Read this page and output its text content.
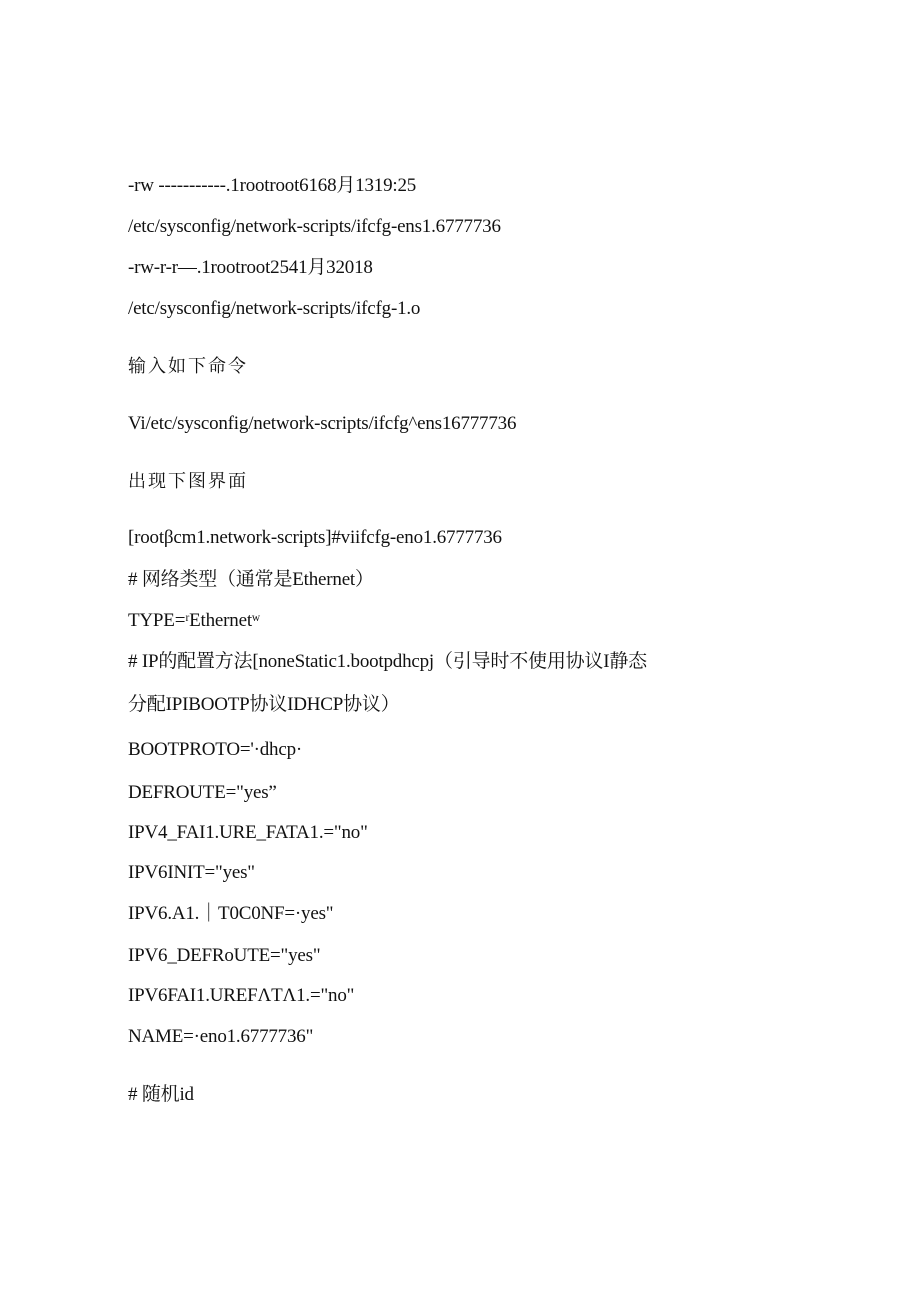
-rw -----------.1rootroot6168月1319:25
/etc/sysconfig/network-scripts/ifcfg-ens1.6777736
-rw-r-r—.1rootroot2541月32018
/etc/sysconfig/network-scripts/ifcfg-1.o
输入如下命令
Vi/etc/sysconfig/network-scripts/ifcfg^ens16777736
出现下图界面
[rootβcm1.network-scripts]#viifcfg-eno1.6777736
# 网络类型（通常是Ethernet）
TYPE=ʳEthernetʷ
# IP的配置方法[noneStatic1.bootpdhcpj（引导时不使用协议I静态
分配IPIBOOTP协议IDHCP协议）
BOOTPROTO='·dhcp·
DEFROUTE="yes”
IPV4_FAI1.URE_FATA1.="no"
IPV6INIT="yes"
IPV6.A1.｜T0C0NF=·yes"
IPV6_DEFRoUTE="yes"
IPV6FAI1.UREFΛTΛ1.="no"
NAME=·eno1.6777736"
# 随机id
